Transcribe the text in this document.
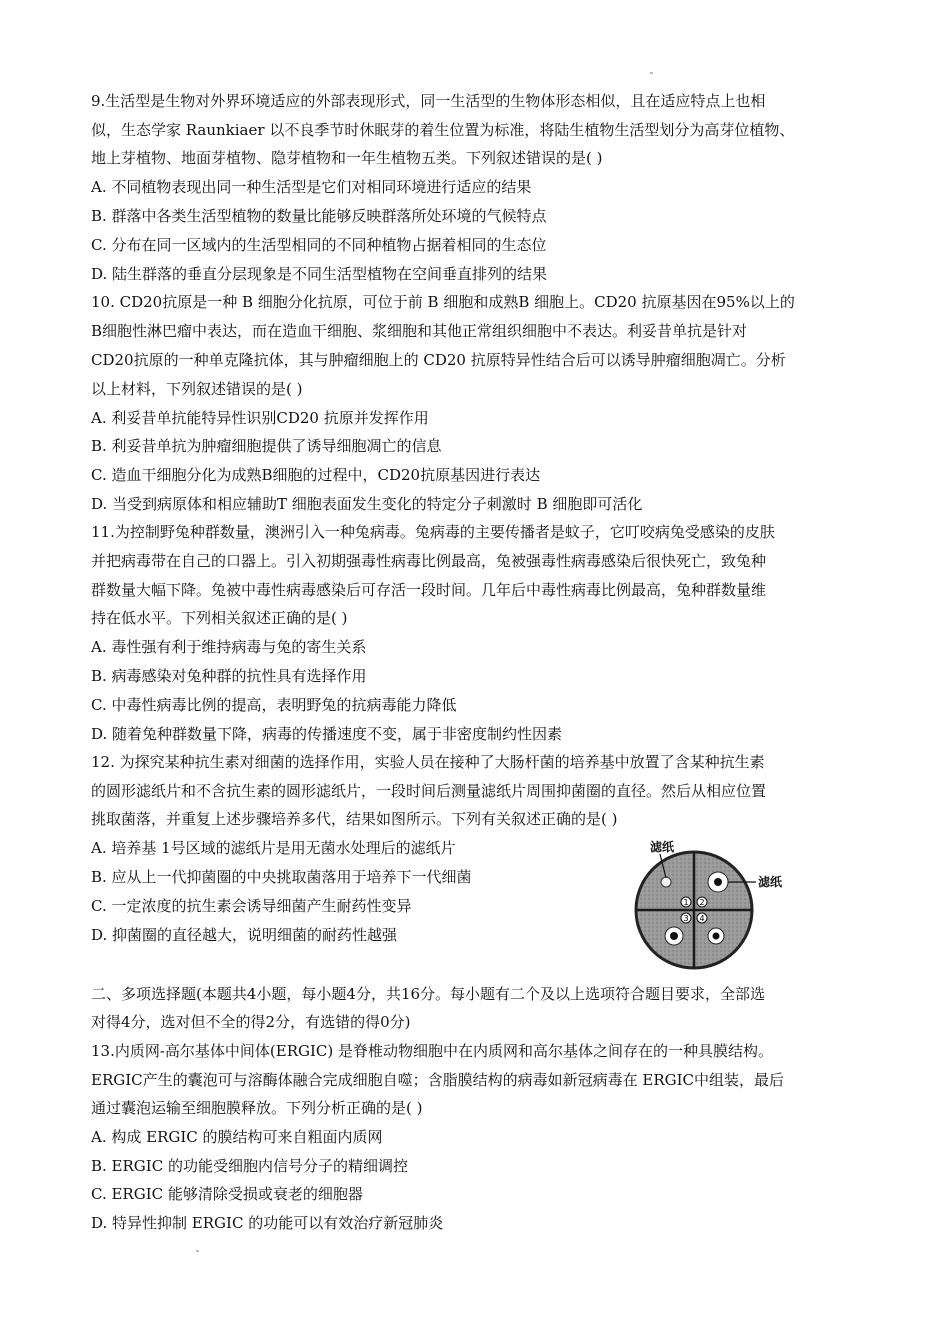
9.生活型是生物对外界环境适应的外部表现形式，同一生活型的生物体形态相似，且在适应特点上也相
似，生态学家 Raunkiaer 以不良季节时休眠芽的着生位置为标准，将陆生植物生活型划分为高芽位植物、
地上芽植物、地面芽植物、隐芽植物和一年生植物五类。下列叙述错误的是( )
A. 不同植物表现出同一种生活型是它们对相同环境进行适应的结果
B. 群落中各类生活型植物的数量比能够反映群落所处环境的气候特点
C. 分布在同一区域内的生活型相同的不同种植物占据着相同的生态位
D. 陆生群落的垂直分层现象是不同生活型植物在空间垂直排列的结果
10. CD20抗原是一种 B 细胞分化抗原，可位于前 B 细胞和成熟B 细胞上。CD20 抗原基因在95%以上的
B细胞性淋巴瘤中表达，而在造血干细胞、浆细胞和其他正常组织细胞中不表达。利妥昔单抗是针对
CD20抗原的一种单克隆抗体，其与肿瘤细胞上的 CD20 抗原特异性结合后可以诱导肿瘤细胞凋亡。分析
以上材料，下列叙述错误的是( )
A. 利妥昔单抗能特异性识别CD20 抗原并发挥作用
B. 利妥昔单抗为肿瘤细胞提供了诱导细胞凋亡的信息
C. 造血干细胞分化为成熟B细胞的过程中，CD20抗原基因进行表达
D. 当受到病原体和相应辅助T 细胞表面发生变化的特定分子刺激时 B 细胞即可活化
11.为控制野兔种群数量，澳洲引入一种兔病毒。兔病毒的主要传播者是蚊子，它叮咬病兔受感染的皮肤
并把病毒带在自己的口器上。引入初期强毒性病毒比例最高，兔被强毒性病毒感染后很快死亡，致兔种
群数量大幅下降。兔被中毒性病毒感染后可存活一段时间。几年后中毒性病毒比例最高，兔种群数量维
持在低水平。下列相关叙述正确的是( )
A. 毒性强有利于维持病毒与兔的寄生关系
B. 病毒感染对兔种群的抗性具有选择作用
C. 中毒性病毒比例的提高，表明野兔的抗病毒能力降低
D. 随着兔种群数量下降，病毒的传播速度不变，属于非密度制约性因素
12. 为探究某种抗生素对细菌的选择作用，实验人员在接种了大肠杆菌的培养基中放置了含某种抗生素
的圆形滤纸片和不含抗生素的圆形滤纸片，一段时间后测量滤纸片周围抑菌圈的直径。然后从相应位置
挑取菌落，并重复上述步骤培养多代，结果如图所示。下列有关叙述正确的是( )
A. 培养基 1号区域的滤纸片是用无菌水处理后的滤纸片
B. 应从上一代抑菌圈的中央挑取菌落用于培养下一代细菌
C. 一定浓度的抗生素会诱导细菌产生耐药性变异
D. 抑菌圈的直径越大，说明细菌的耐药性越强
1 2
3 4
滤纸
滤纸
二、多项选择题(本题共4小题，每小题4分，共16分。每小题有二个及以上选项符合题目要求，全部选
对得4分，选对但不全的得2分，有选错的得0分)
13.内质网-高尔基体中间体(ERGIC) 是脊椎动物细胞中在内质网和高尔基体之间存在的一种具膜结构。
ERGIC产生的囊泡可与溶酶体融合完成细胞自噬；含脂膜结构的病毒如新冠病毒在 ERGIC中组装，最后
通过囊泡运输至细胞膜释放。下列分析正确的是( )
A. 构成 ERGIC 的膜结构可来自粗面内质网
B. ERGIC 的功能受细胞内信号分子的精细调控
C. ERGIC 能够清除受损或衰老的细胞器
D. 特异性抑制 ERGIC 的功能可以有效治疗新冠肺炎
